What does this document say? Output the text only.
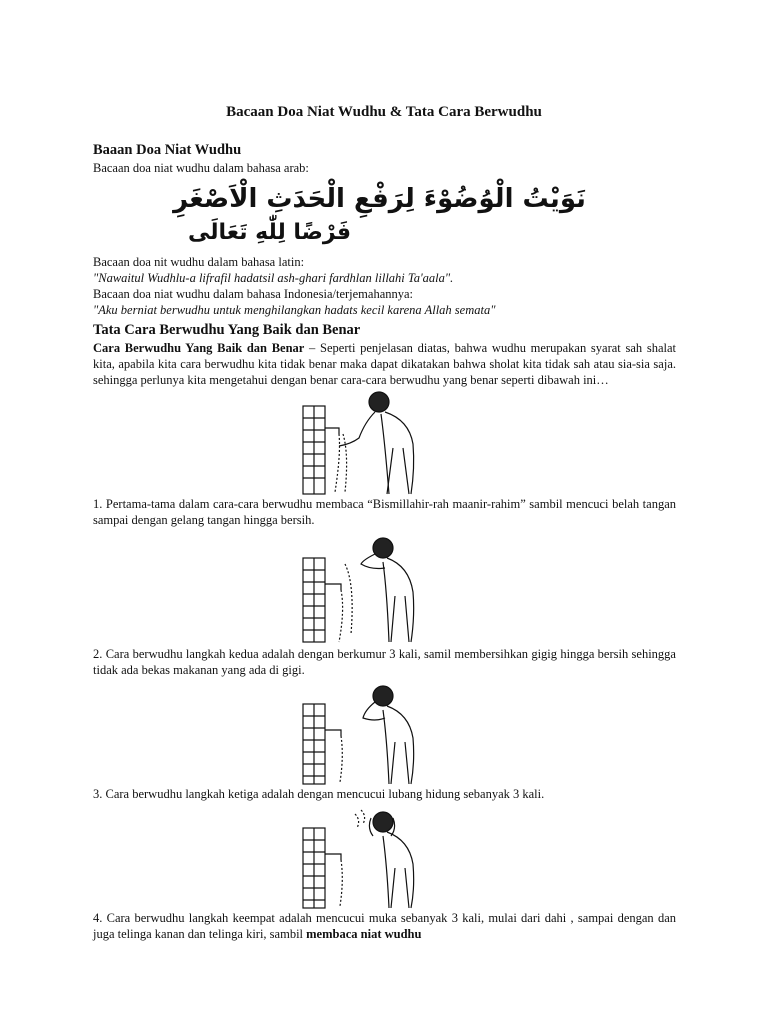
Bacaan Doa Niat Wudhu & Tata Cara Berwudhu

Baaan Doa Niat Wudhu

Bacaan doa niat wudhu dalam bahasa arab:

نَوَيْتُ الْوُضُوْءَ لِرَفْعِ الْحَدَثِ الْاَصْغَرِ
فَرْضًا لِلّٰهِ تَعَالَى

Bacaan doa nit wudhu dalam bahasa latin:

"Nawaitul Wudhlu-a lifrafil hadatsil ash-ghari fardhlan lillahi Ta'aala".

Bacaan doa niat wudhu dalam bahasa Indonesia/terjemahannya:

"Aku berniat berwudhu untuk menghilangkan hadats kecil karena Allah semata"

Tata Cara Berwudhu Yang Baik dan Benar

Cara Berwudhu Yang Baik dan Benar – Seperti penjelasan diatas, bahwa wudhu merupakan syarat sah shalat kita, apabila kita cara berwudhu kita tidak benar maka dapat dikatakan bahwa sholat kita tidak sah atau sia-sia saja. sehingga perlunya kita mengetahui dengan benar cara-cara berwudhu yang benar seperti dibawah ini…

1. Pertama-tama dalam cara-cara berwudhu membaca “Bismillahir-rah maanir-rahim” sambil mencuci belah tangan sampai dengan gelang tangan hingga bersih.

2. Cara berwudhu langkah kedua adalah dengan berkumur 3 kali, samil membersihkan gigig hingga bersih sehingga tidak ada bekas makanan yang ada di gigi.

3. Cara berwudhu langkah ketiga adalah dengan mencucui lubang hidung sebanyak 3 kali.

4. Cara berwudhu langkah keempat adalah mencucui muka sebanyak 3 kali, mulai dari dahi , sampai dengan dan juga telinga kanan dan telinga kiri, sambil membaca niat wudhu
